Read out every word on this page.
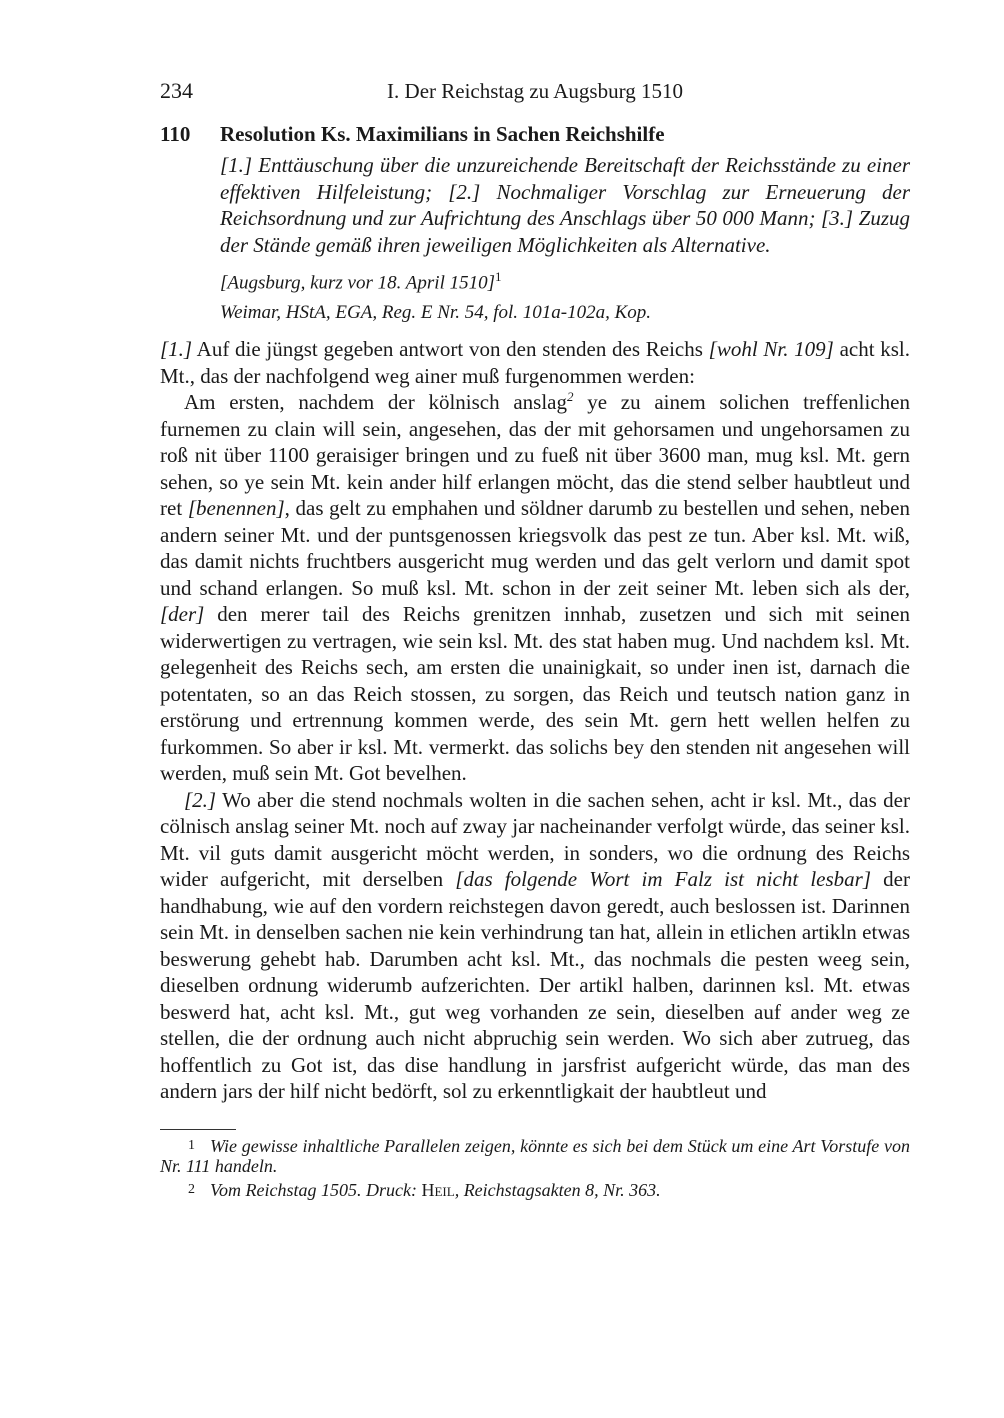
234	I. Der Reichstag zu Augsburg 1510
110	Resolution Ks. Maximilians in Sachen Reichshilfe
[1.] Enttäuschung über die unzureichende Bereitschaft der Reichsstände zu einer effektiven Hilfeleistung; [2.] Nochmaliger Vorschlag zur Erneuerung der Reichsordnung und zur Aufrichtung des Anschlags über 50 000 Mann; [3.] Zuzug der Stände gemäß ihren jeweiligen Möglichkeiten als Alternative.
[Augsburg, kurz vor 18. April 1510]$^1$
Weimar, HStA, EGA, Reg. E Nr. 54, fol. 101a-102a, Kop.

[1.] Auf die jüngst gegeben antwort von den stenden des Reichs [wohl Nr. 109] acht ksl. Mt., das der nachfolgend weg ainer muß furgenommen werden:

Am ersten, nachdem der kölnisch anslag$^2$ ye zu ainem solichen treffenlichen furnemen zu clain will sein, angesehen, das der mit gehorsamen und ungehorsamen zu roß nit über 1100 geraisiger bringen und zu fueß nit über 3600 man, mug ksl. Mt. gern sehen, so ye sein Mt. kein ander hilf erlangen möcht, das die stend selber haubtleut und ret [benennen], das gelt zu emphahen und söldner darumb zu bestellen und sehen, neben andern seiner Mt. und der puntsgenossen kriegsvolk das pest ze tun. Aber ksl. Mt. wiß, das damit nichts fruchtbers ausgericht mug werden und das gelt verlorn und damit spot und schand erlangen. So muß ksl. Mt. schon in der zeit seiner Mt. leben sich als der, [der] den merer tail des Reichs grenitzen innhab, zusetzen und sich mit seinen widerwertigen zu vertragen, wie sein ksl. Mt. des stat haben mug. Und nachdem ksl. Mt. gelegenheit des Reichs sech, am ersten die unainigkait, so under inen ist, darnach die potentaten, so an das Reich stossen, zu sorgen, das Reich und teutsch nation ganz in erstörung und ertrennung kommen werde, des sein Mt. gern hett wellen helfen zu furkommen. So aber ir ksl. Mt. vermerkt. das solichs bey den stenden nit angesehen will werden, muß sein Mt. Got bevelhen.

[2.] Wo aber die stend nochmals wolten in die sachen sehen, acht ir ksl. Mt., das der cölnisch anslag seiner Mt. noch auf zway jar nacheinander verfolgt würde, das seiner ksl. Mt. vil guts damit ausgericht möcht werden, in sonders, wo die ordnung des Reichs wider aufgericht, mit derselben [das folgende Wort im Falz ist nicht lesbar] der handhabung, wie auf den vordern reichstegen davon geredt, auch beslossen ist. Darinnen sein Mt. in denselben sachen nie kein verhindrung tan hat, allein in etlichen artikln etwas beswerung gehebt hab. Darumben acht ksl. Mt., das nochmals die pesten weeg sein, dieselben ordnung widerumb aufzerichten. Der artikl halben, darinnen ksl. Mt. etwas beswerd hat, acht ksl. Mt., gut weg vorhanden ze sein, dieselben auf ander weg ze stellen, die der ordnung auch nicht abpruchig sein werden. Wo sich aber zutrueg, das hoffentlich zu Got ist, das dise handlung in jarsfrist aufgericht würde, das man des andern jars der hilf nicht bedörft, sol zu erkenntligkait der haubtleut und

1 Wie gewisse inhaltliche Parallelen zeigen, könnte es sich bei dem Stück um eine Art Vorstufe von Nr. 111 handeln.
2 Vom Reichstag 1505. Druck: Heil, Reichstagsakten 8, Nr. 363.
